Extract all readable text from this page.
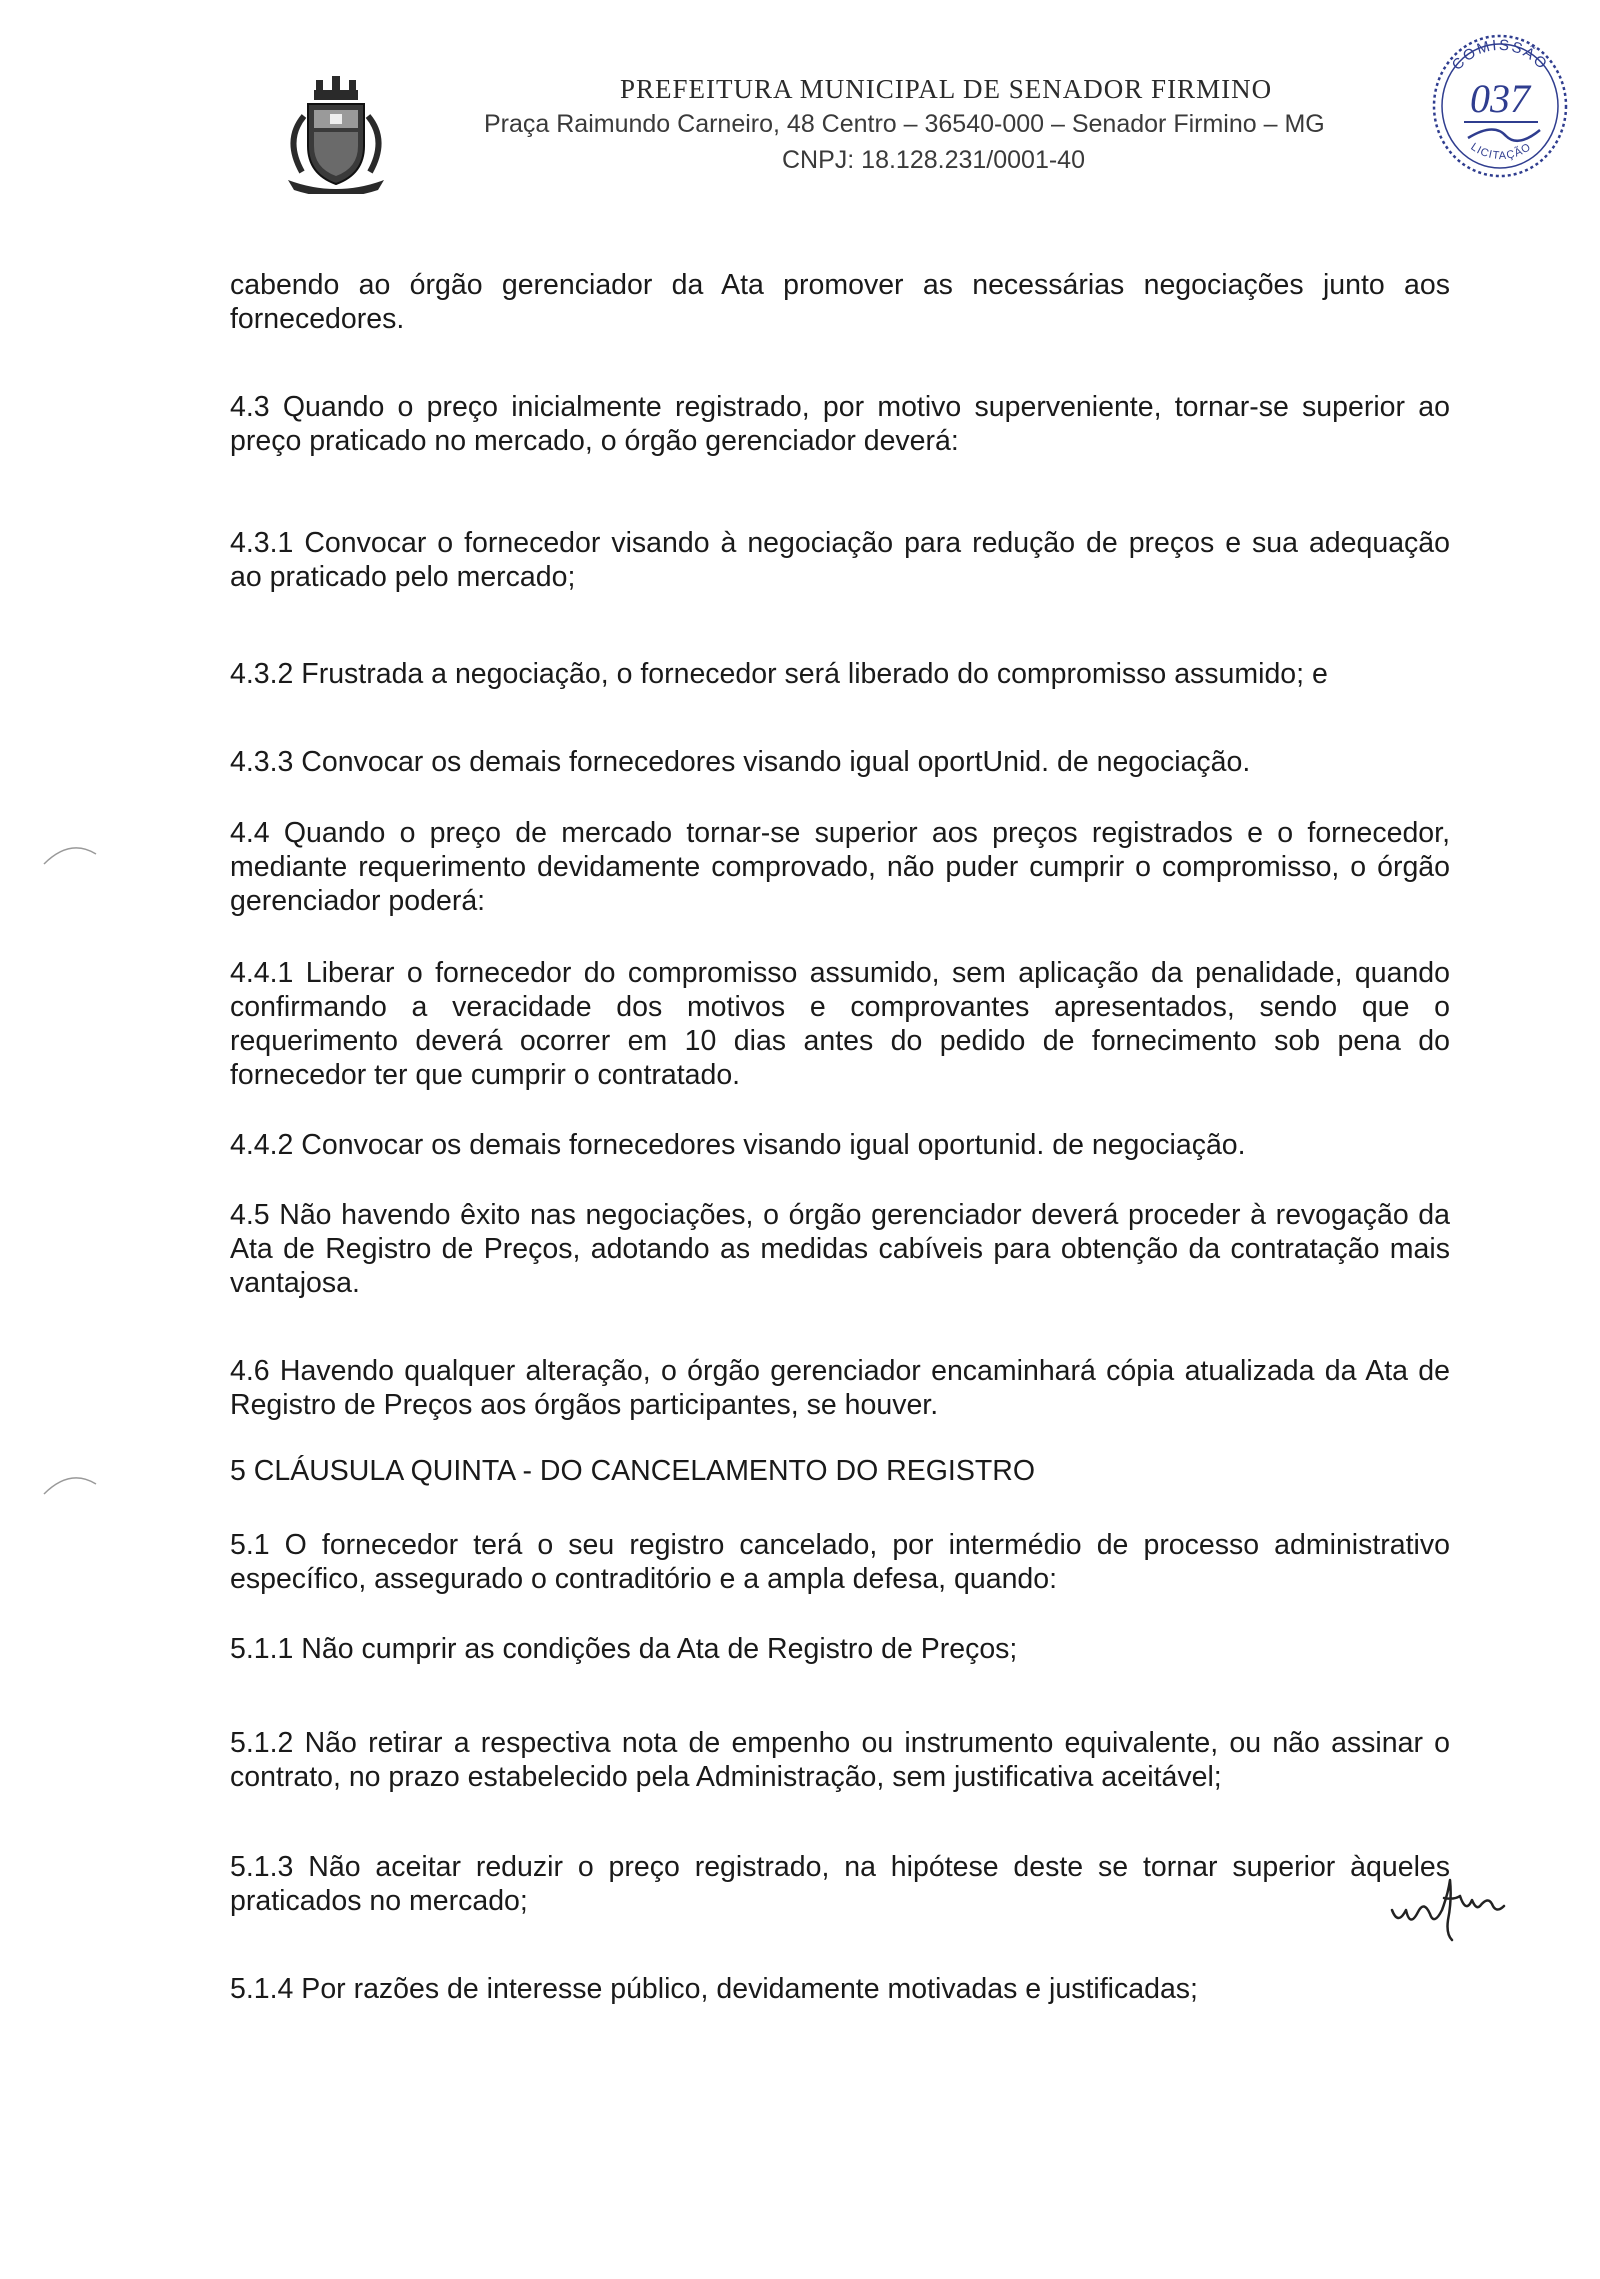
PREFEITURA MUNICIPAL DE SENADOR FIRMINO
Praça Raimundo Carneiro, 48 Centro – 36540-000 – Senador Firmino – MG
CNPJ: 18.128.231/0001-40
COMISSÃO
037
LICITAÇÃO

cabendo ao órgão gerenciador da Ata promover as necessárias negociações junto aos fornecedores.

4.3 Quando o preço inicialmente registrado, por motivo superveniente, tornar-se superior ao preço praticado no mercado, o órgão gerenciador deverá:

4.3.1 Convocar o fornecedor visando à negociação para redução de preços e sua adequação ao praticado pelo mercado;

4.3.2 Frustrada a negociação, o fornecedor será liberado do compromisso assumido; e

4.3.3 Convocar os demais fornecedores visando igual oportUnid. de negociação.

4.4 Quando o preço de mercado tornar-se superior aos preços registrados e o fornecedor, mediante requerimento devidamente comprovado, não puder cumprir o compromisso, o órgão gerenciador poderá:

4.4.1 Liberar o fornecedor do compromisso assumido, sem aplicação da penalidade, quando confirmando a veracidade dos motivos e comprovantes apresentados, sendo que o requerimento deverá ocorrer em 10 dias antes do pedido de fornecimento sob pena do fornecedor ter que cumprir o contratado.

4.4.2 Convocar os demais fornecedores visando igual oportunid. de negociação.

4.5 Não havendo êxito nas negociações, o órgão gerenciador deverá proceder à revogação da Ata de Registro de Preços, adotando as medidas cabíveis para obtenção da contratação mais vantajosa.

4.6 Havendo qualquer alteração, o órgão gerenciador encaminhará cópia atualizada da Ata de Registro de Preços aos órgãos participantes, se houver.

5 CLÁUSULA QUINTA - DO CANCELAMENTO DO REGISTRO

5.1 O fornecedor terá o seu registro cancelado, por intermédio de processo administrativo específico, assegurado o contraditório e a ampla defesa, quando:

5.1.1 Não cumprir as condições da Ata de Registro de Preços;

5.1.2 Não retirar a respectiva nota de empenho ou instrumento equivalente, ou não assinar o contrato, no prazo estabelecido pela Administração, sem justificativa aceitável;

5.1.3 Não aceitar reduzir o preço registrado, na hipótese deste se tornar superior àqueles praticados no mercado;

5.1.4 Por razões de interesse público, devidamente motivadas e justificadas;
